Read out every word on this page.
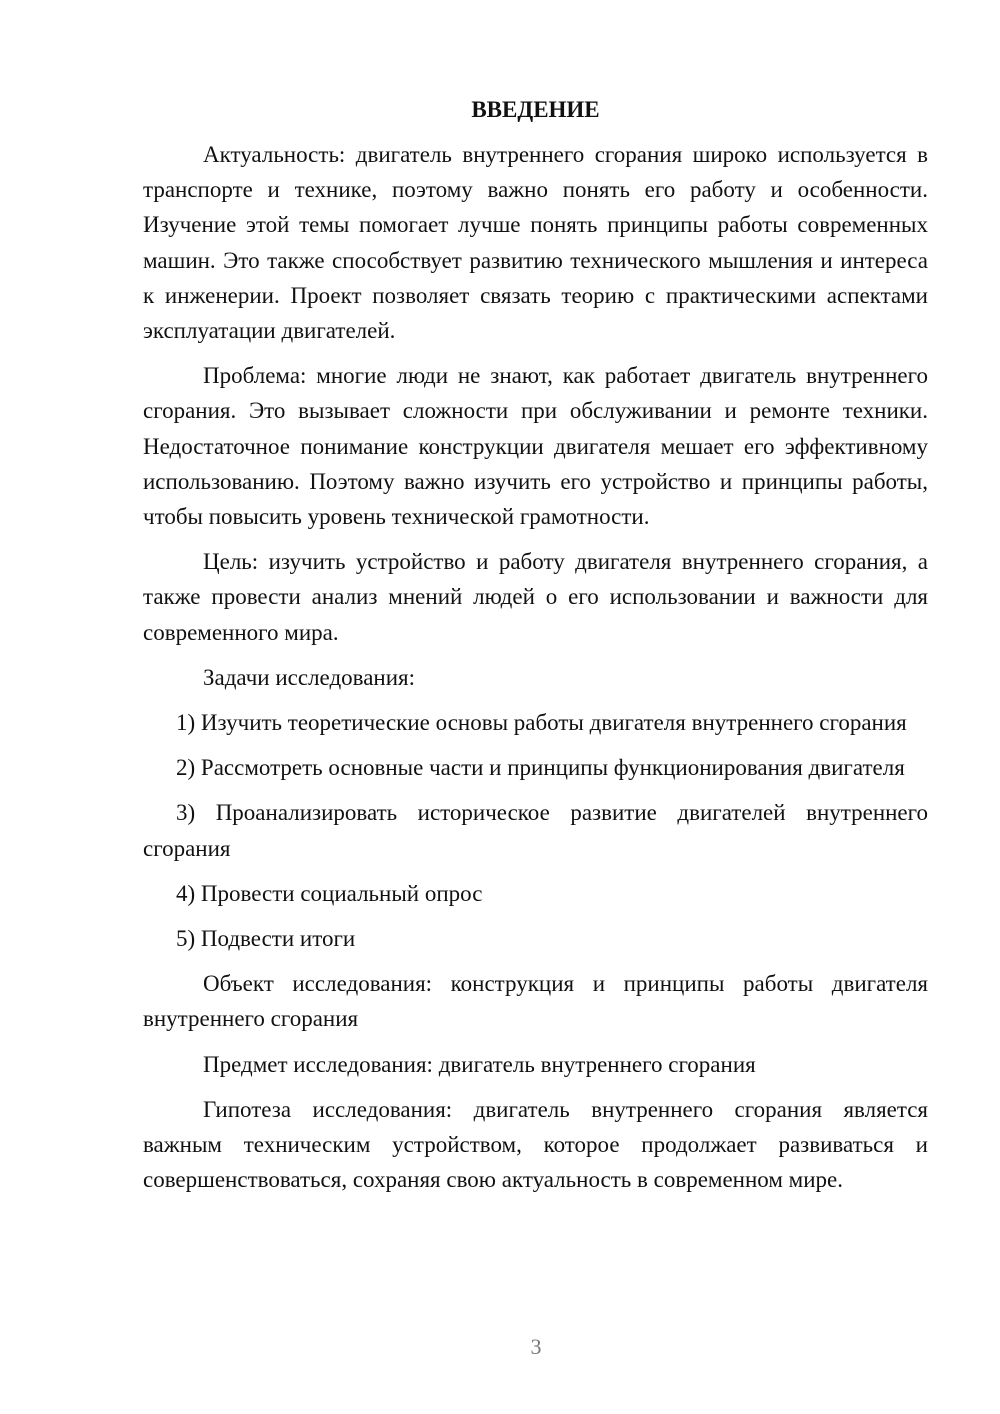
ВВЕДЕНИЕ

Актуальность: двигатель внутреннего сгорания широко используется в транспорте и технике, поэтому важно понять его работу и особенности. Изучение этой темы помогает лучше понять принципы работы современных машин. Это также способствует развитию технического мышления и интереса к инженерии. Проект позволяет связать теорию с практическими аспектами эксплуатации двигателей.

Проблема: многие люди не знают, как работает двигатель внутреннего сгорания. Это вызывает сложности при обслуживании и ремонте техники. Недостаточное понимание конструкции двигателя мешает его эффективному использованию. Поэтому важно изучить его устройство и принципы работы, чтобы повысить уровень технической грамотности.

Цель: изучить устройство и работу двигателя внутреннего сгорания, а также провести анализ мнений людей о его использовании и важности для современного мира.

Задачи исследования:

1) Изучить теоретические основы работы двигателя внутреннего сгорания

2) Рассмотреть основные части и принципы функционирования двигателя

3) Проанализировать историческое развитие двигателей внутреннего сгорания

4) Провести социальный опрос

5) Подвести итоги

Объект исследования: конструкция и принципы работы двигателя внутреннего сгорания

Предмет исследования: двигатель внутреннего сгорания

Гипотеза исследования: двигатель внутреннего сгорания является важным техническим устройством, которое продолжает развиваться и совершенствоваться, сохраняя свою актуальность в современном мире.

3
